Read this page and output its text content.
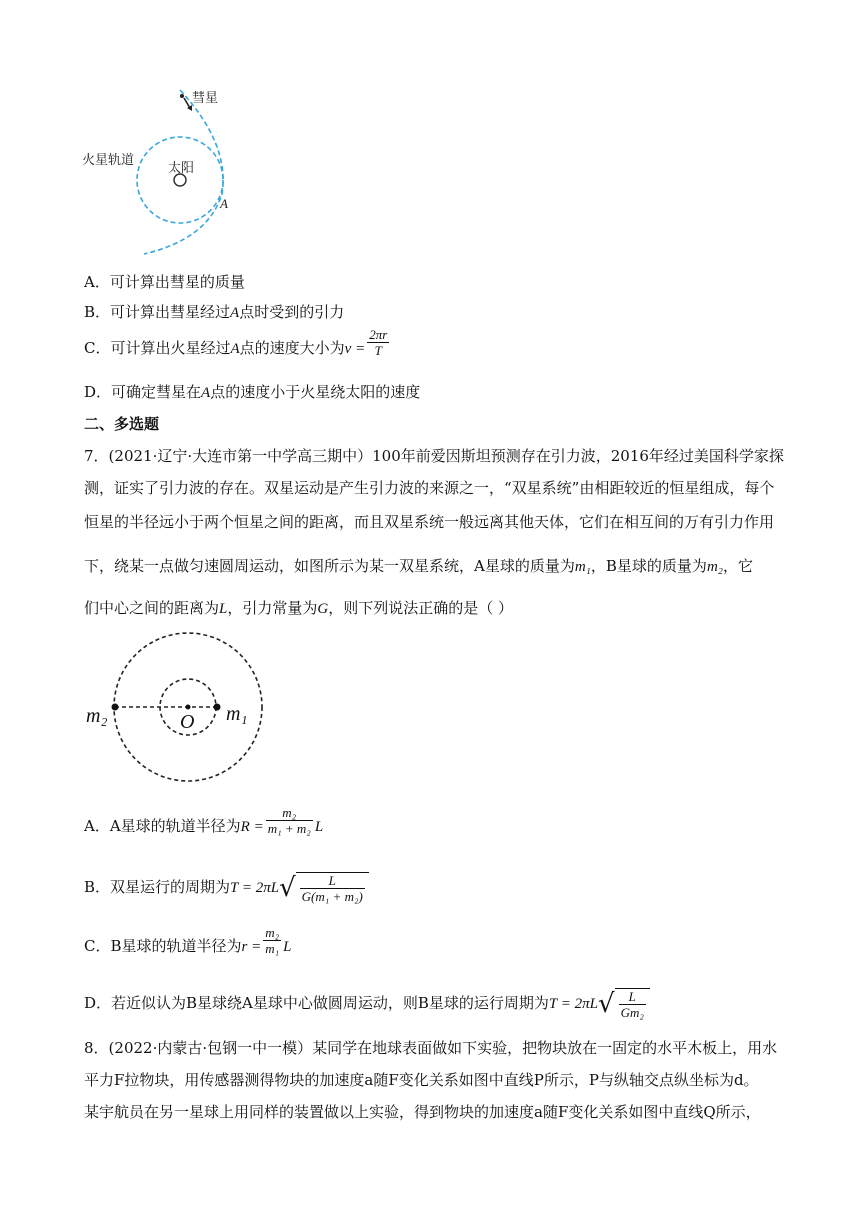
彗星
火星轨道
太阳
A
A．可计算出彗星的质量
B．可计算出彗星经过A点时受到的引力
C．可计算出火星经过A点的速度大小为$v = \frac{2\pi r}{T}$
D．可确定彗星在A点的速度小于火星绕太阳的速度
二、多选题
7．(2021·辽宁·大连市第一中学高三期中）100年前爱因斯坦预测存在引力波，2016年经过美国科学家探
测，证实了引力波的存在。双星运动是产生引力波的来源之一，“双星系统”由相距较近的恒星组成，每个
恒星的半径远小于两个恒星之间的距离，而且双星系统一般远离其他天体，它们在相互间的万有引力作用
下，绕某一点做匀速圆周运动，如图所示为某一双星系统，A星球的质量为m₁，B星球的质量为m₂，它
们中心之间的距离为L，引力常量为G，则下列说法正确的是（ ）
m₂	O m₁
A．A星球的轨道半径为$R = \frac{\text{m₂}}{\text{m₁ + m₂}}$ L
B．双星运行的周期为$T = 2\pi L√ \frac{L}{\text{G(m₁ + m₂)}}$
C．B星球的轨道半径为$r = \frac{\text{m₂}}{\text{m₁}}$ L
D．若近似认为B星球绕A星球中心做圆周运动，则B星球的运行周期为$T = 2\pi L√ \frac{L}{\text{Gm₂}}$
8．(2022·内蒙古·包钢一中一模）某同学在地球表面做如下实验，把物块放在一固定的水平木板上，用水
平力F拉物块，用传感器测得物块的加速度a随F变化关系如图中直线P所示，P与纵轴交点纵坐标为d。
某宇航员在另一星球上用同样的装置做以上实验，得到物块的加速度a随F变化关系如图中直线Q所示，
